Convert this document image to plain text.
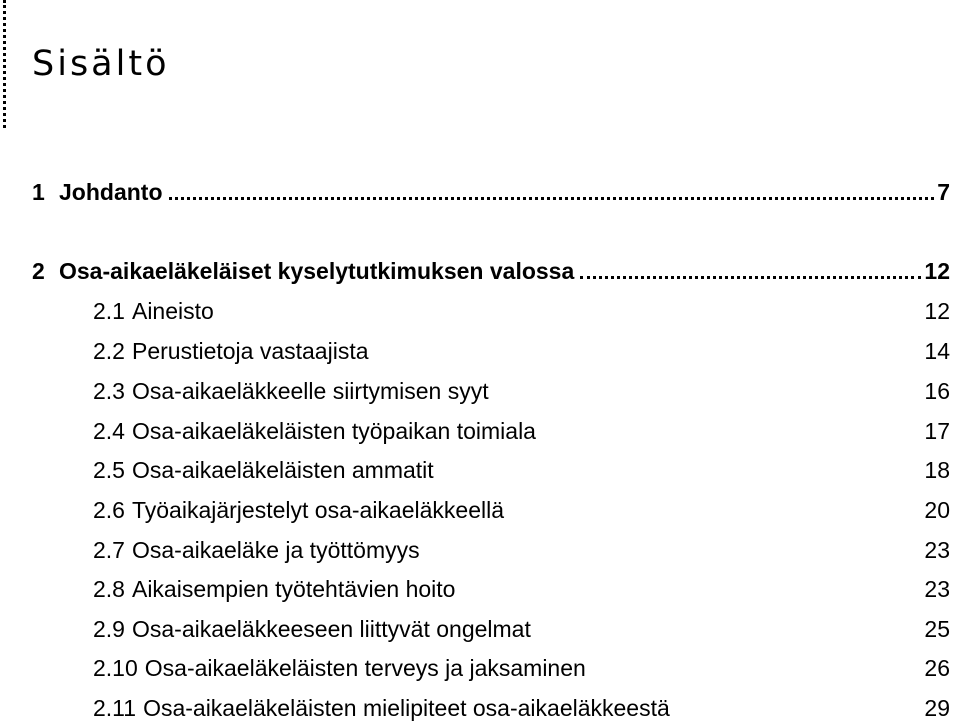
Sisältö
1 Johdanto	7
2 Osa-aikaeläkeläiset kyselytutkimuksen valossa	12
2.1 Aineisto	12
2.2 Perustietoja vastaajista	14
2.3 Osa-aikaeläkkeelle siirtymisen syyt	16
2.4 Osa-aikaeläkeläisten työpaikan toimiala	17
2.5 Osa-aikaeläkeläisten ammatit	18
2.6 Työaikajärjestelyt osa-aikaeläkkeellä	20
2.7 Osa-aikaeläke ja työttömyys	23
2.8 Aikaisempien työtehtävien hoito	23
2.9 Osa-aikaeläkkeeseen liittyvät ongelmat	25
2.10 Osa-aikaeläkeläisten terveys ja jaksaminen	26
2.11 Osa-aikaeläkeläisten mielipiteet osa-aikaeläkkeestä	29
